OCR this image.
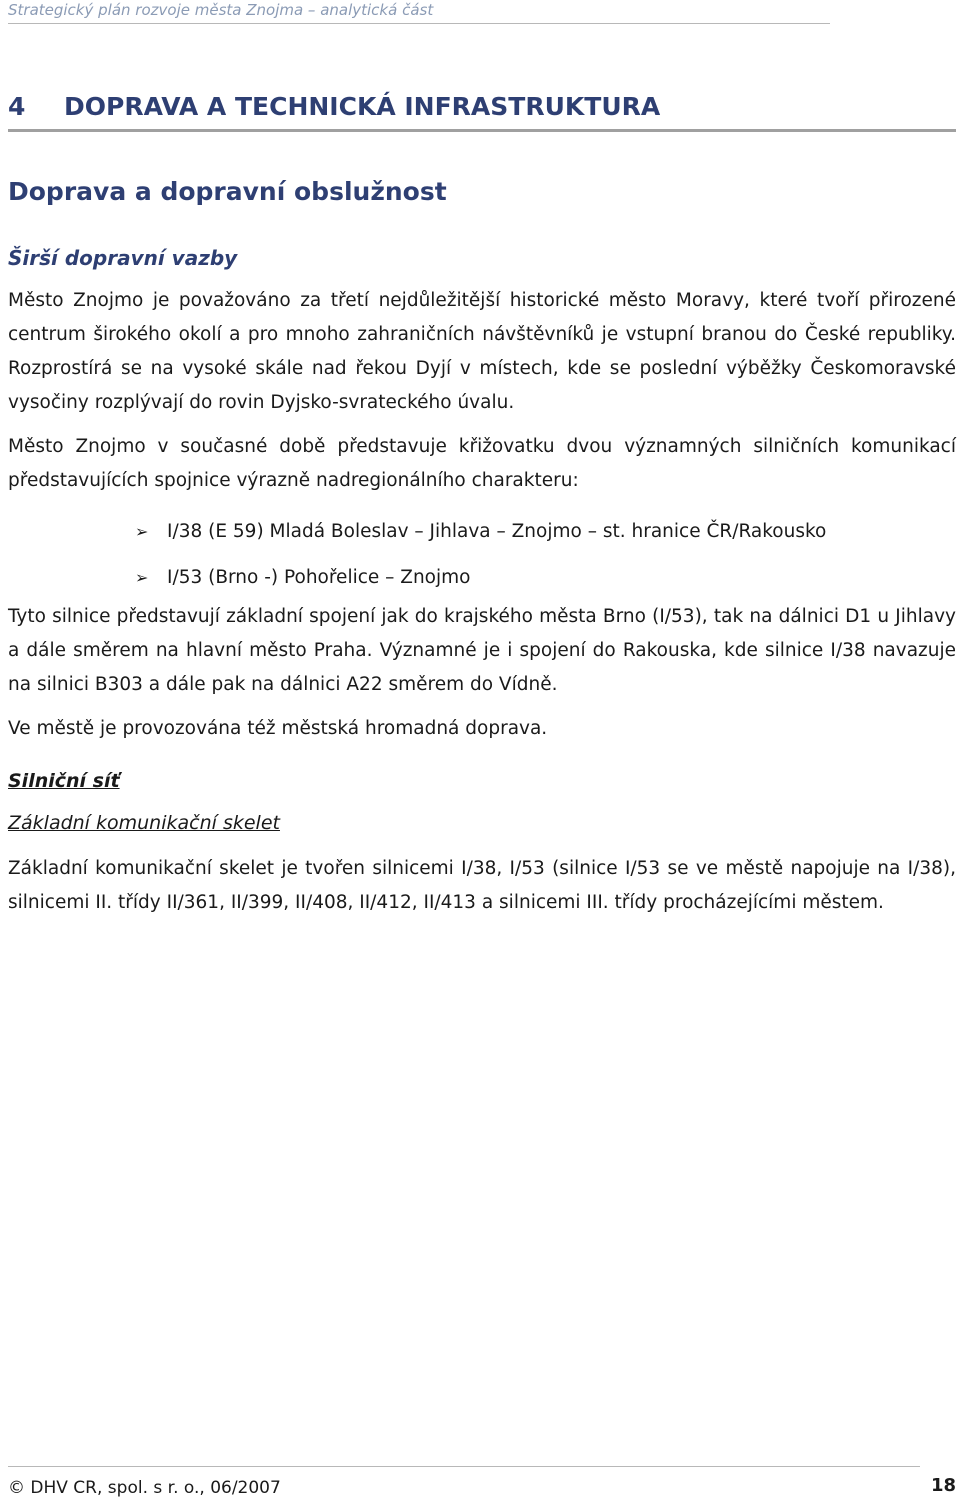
Strategický plán rozvoje města Znojma – analytická část
4 DOPRAVA A TECHNICKÁ INFRASTRUKTURA
Doprava a dopravní obslužnost
Širší dopravní vazby

Město Znojmo je považováno za třetí nejdůležitější historické město Moravy, které tvoří přirozené centrum širokého okolí a pro mnoho zahraničních návštěvníků je vstupní branou do České republiky. Rozprostírá se na vysoké skále nad řekou Dyjí v místech, kde se poslední výběžky Českomoravské vysočiny rozplývají do rovin Dyjsko-svrateckého úvalu.

Město Znojmo v současné době představuje křižovatku dvou významných silničních komunikací představujících spojnice výrazně nadregionálního charakteru:

➢ I/38 (E 59) Mladá Boleslav – Jihlava – Znojmo – st. hranice ČR/Rakousko
➢ I/53 (Brno -) Pohořelice – Znojmo

Tyto silnice představují základní spojení jak do krajského města Brno (I/53), tak na dálnici D1 u Jihlavy a dále směrem na hlavní město Praha. Významné je i spojení do Rakouska, kde silnice I/38 navazuje na silnici B303 a dále pak na dálnici A22 směrem do Vídně.

Ve městě je provozována též městská hromadná doprava.

Silniční síť
Základní komunikační skelet

Základní komunikační skelet je tvořen silnicemi I/38, I/53 (silnice I/53 se ve městě napojuje na I/38), silnicemi II. třídy II/361, II/399, II/408, II/412, II/413 a silnicemi III. třídy procházejícími městem.

© DHV CR, spol. s r. o., 06/2007	18
